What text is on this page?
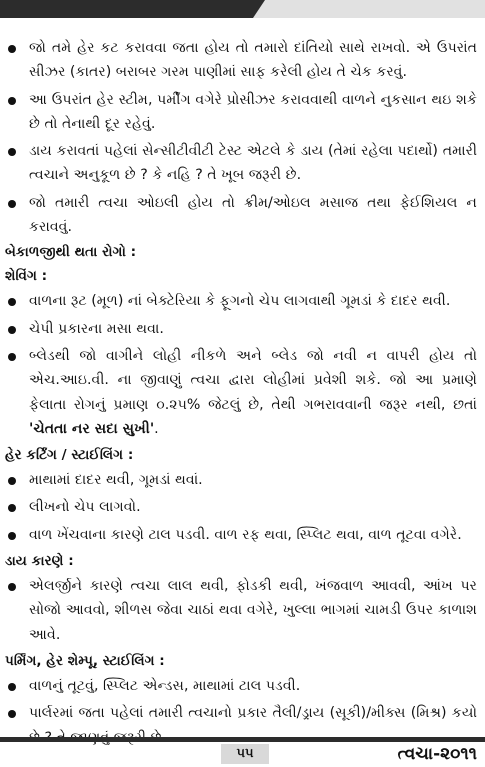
જો તમે હેર કટ કરાવવા જતા હોય તો તમારો દાંતિયો સાથે રાખવો. એ ઉપરાંત સીઝર (કાતર) બરાબર ગરમ પાણીમાં સાફ કરેલી હોય તે ચેક કરવું.
આ ઉપરાંત હેર સ્ટીમ, પર્મીંગ વગેરે પ્રોસીઝર કરાવવાથી વાળને નુકસાન થઇ શકે છે તો તેનાથી દૂર રહેવું.
ડાય કરાવતાં પહેલાં સેન્સીટીવીટી ટેસ્ટ એટલે કે ડાય (તેમાં રહેલા પદાર્થો) તમારી ત્વચાને અનુકૂળ છે ? કે નહિ ? તે ખૂબ જરૂરી છે.
જો તમારી ત્વચા ઓઇલી હોય તો ક્રીમ/ઓઇલ મસાજ તથા ફેઈશિયલ ન કરાવવું.
બેકાળજીથી થતા રોગો :
શેવિંગ :
વાળના રૂટ (મૂળ) નાં બેક્ટેરિયા કે ફૂગનો ચેપ લાગવાથી ગૂમડાં કે દાદર થવી.
ચેપી પ્રકારના મસા થવા.
બ્લેડથી જો વાગીને લોહી નીકળે અને બ્લેડ જો નવી ન વાપરી હોય તો એચ.આઇ.વી. ના જીવાણું ત્વચા દ્વારા લોહીમાં પ્રવેશી શકે. જો આ પ્રમાણે ફેલાતા રોગનું પ્રમાણ ૦.૨૫% જેટલું છે, તેથી ગભરાવવાની જરૂર નથી, છતાં 'ચેતતા નર સદા સુખી'.
હેર કર્ટિંગ / સ્ટાઈલિંગ :
માથામાં દાદર થવી, ગૂમડાં થવાં.
લીખનો ચેપ લાગવો.
વાળ ખેંચવાના કારણે ટાલ પડવી. વાળ રફ થવા, સ્પ્લિટ થવા, વાળ તૂટવા વગેરે.
ડાય કારણે :
એલર્જીને કારણે ત્વચા લાલ થવી, ફોડકી થવી, ખંજવાળ આવવી, આંખ પર સોજો આવવો, શીળસ જેવા ચાઠાં થવા વગેરે, ખુલ્લા ભાગમાં ચામડી ઉપર કાળાશ આવે.
પર્મિંગ, હેર શેમ્પૂ, સ્ટાઈલિંગ :
વાળનું તૂટવું, સ્પ્લિટ એન્ડસ, માથામાં ટાલ પડવી.
પાર્લરમાં જતા પહેલાં તમારી ત્વચાનો પ્રકાર તૈલી/ડ્રાય (સૂકી)/મીક્સ (મિશ્ર) કયો
૫૫	ત્વચા-૨૦૧૧
